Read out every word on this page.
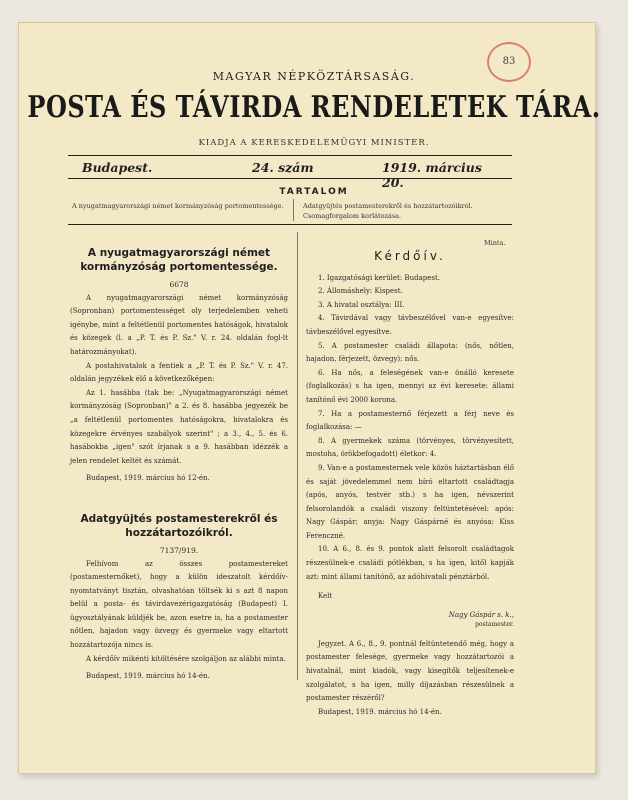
83
MAGYAR NÉPKÖZTÁRSASÁG.
POSTA ÉS TÁVIRDA RENDELETEK TÁRA.
KIADJA A KERESKEDELEMÜGYI MINISTER.
Budapest.	24. szám	1919. március 20.
TARTALOM
A nyugatmagyarországi német kormányzóság portomentessége.	Adatgyüjtés postamesterekről és hozzátartozóikról. Csomagforgalom korlátozása.
A nyugatmagyarországi német kormányzóság portomentessége.

6678

A nyugatmagyarországi német kormányzóság (Sopronban) portomentességet oly terjedelemben veheti igénybe, mint a feltétlenül portomentes hatóságok, hivatalok és közegek (l. a „P. T. és P. Sz." V. r. 24. oldalán fogl-lt határozmányokat).

A postahivatalok a fentiek a „P. T. és P. Sz." V. r. 47. oldalán jegyzékek élő a következőképen:

Az 1. hasábba (tak be: „Nyugatmagyarországi német kormányzóság (Sopronban)" a 2. és 8. hasábba jegyezék be „a feltétlenül portomentes hatóságokra, hivatalokra és közegekre érvényes szabályok szerint" ; a 3., 4., 5. és 6. hasábokba „igen" szót írjanak s a 9. hasábban idézzék a jelen rendelet keltét és számát.

Budapest, 1919. március hó 12-én.

Adatgyüjtés postamesterekről és hozzátartozóikról.

7137/919.

Felhívom az összes postamestereket (postamesternőket), hogy a külön ideszatolt kérdőív-nyomtatványt tisztán, olvashatóan töltsék ki s azt 8 napon belül a posta- és távirdavezérigazgatóság (Budapest) I. ügyosztályának küldjék be, azon esetre is, ha a postamester nőtlen, hajadon vagy özvegy és gyermeke vagy eltartott hozzátartozója nincs is.

A kérdőív mikénti kitöltésére szolgáljon az alábbi minta.

Budapest, 1919. március hó 14-én.

Minta.
Kérdőív.

1. Igazgatósági kerület: Budapest.

2. Állomáshely: Kispest.

3. A hivatal osztálya: III.

4. Távirdával vagy távbeszélővel van-e egyesítve: távbeszélővel egyesítve.

5. A postamester családi állapota: (nős, nőtlen, hajadon, férjezett, özvegy): nős.

6. Ha nős, a feleségének van-e önálló keresete (foglalkozás) s ha igen, mennyi az évi keresete: állami tanítónő évi 2000 korona.

7. Ha a postamesternő férjezett a férj neve és foglalkozása: —

8. A gyermekek száma (törvényes, törvényesített, mostoha, örökbefogadott) életkor: 4.

9. Van-e a postamesternek vele közös háztartásban élő és saját jövedelemmel nem bíró eltartott családtagja (após, anyós, testvér stb.) s ha igen, névszerint felsorolandók a családi viszony feltüntetésével: após: Nagy Gáspár; anyja: Nagy Gáspárné és anyósa: Kiss Ferenczné.

10. A 6., 8. és 9. pontok alatt felsorolt családtagok részesülnek-e családi pótlékban, s ha igen, kitől kapják azt: mint állami tanítónő, az adóhivatali pénztárból.

Kelt

Nagy Gáspár s. k.,

postamester.

Jegyzet. A 6., 8., 9. pontnál feltüntetendő még, hogy a postamester felesége, gyermeke vagy hozzátartozói a hivatalnál, mint kiadók, vagy kisegítők teljesítenek-e szolgálatot, s ha igen, milly díjazásban részesülnek a postamester részéről?

Budapest, 1919. március hó 14-én.
